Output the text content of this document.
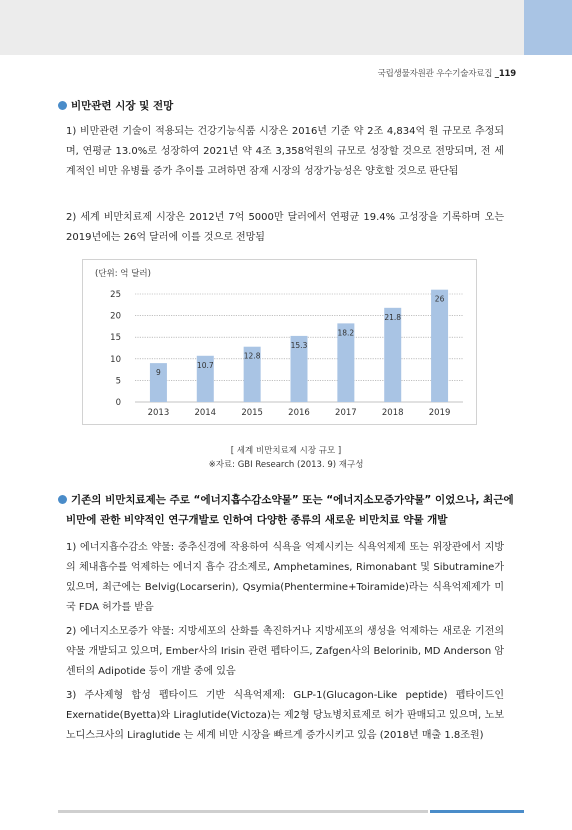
국립생물자원관 우수기술자료집 _119
비만관련 시장 및 전망
1) 비만관련 기술이 적용되는 건강기능식품 시장은 2016년 기준 약 2조 4,834억 원 규모로 추정되며, 연평균 13.0%로 성장하여 2021년 약 4조 3,358억원의 규모로 성장할 것으로 전망되며, 전 세계적인 비만 유병률 증가 추이를 고려하면 잠재 시장의 성장가능성은 양호할 것으로 판단됨
2) 세계 비만치료제 시장은 2012년 7억 5000만 달러에서 연평균 19.4% 고성장을 기록하며 오는 2019년에는 26억 달러에 이를 것으로 전망됨
(단위: 억 달러)
0
5
10
15
20
25
9
2013
10.7
2014
12.8
2015
15.3
2016
18.2
2017
21.8
2018
26
2019
[ 세계 비만치료제 시장 규모 ]
※자료: GBI Research (2013. 9) 재구성
기존의 비만치료제는 주로 “에너지흡수감소약물” 또는 “에너지소모증가약물” 이었으나, 최근에
비만에 관한 비약적인 연구개발로 인하여 다양한 종류의 새로운 비만치료 약물 개발
1) 에너지흡수감소 약물: 중추신경에 작용하여 식욕을 억제시키는 식욕억제제 또는 위장관에서 지방의 체내흡수를 억제하는 에너지 흡수 감소제로, Amphetamines, Rimonabant 및 Sibutramine가 있으며, 최근에는 Belvig(Locarserin), Qsymia(Phentermine+Toiramide)라는 식욕억제제가 미국 FDA 허가를 받음
2) 에너지소모증가 약물: 지방세포의 산화를 촉진하거나 지방세포의 생성을 억제하는 새로운 기전의 약물 개발되고 있으며, Ember사의 Irisin 관련 펩타이드, Zafgen사의 Belorinib, MD Anderson 암센터의 Adipotide 등이 개발 중에 있음
3) 주사제형 합성 펩타이드 기반 식욕억제제: GLP-1(Glucagon-Like peptide) 펩타이드인 Exernatide(Byetta)와 Liraglutide(Victoza)는 제2형 당뇨병치료제로 허가 판매되고 있으며, 노보노디스크사의 Liraglutide 는 세계 비만 시장을 빠르게 증가시키고 있음 (2018년 매출 1.8조원)
